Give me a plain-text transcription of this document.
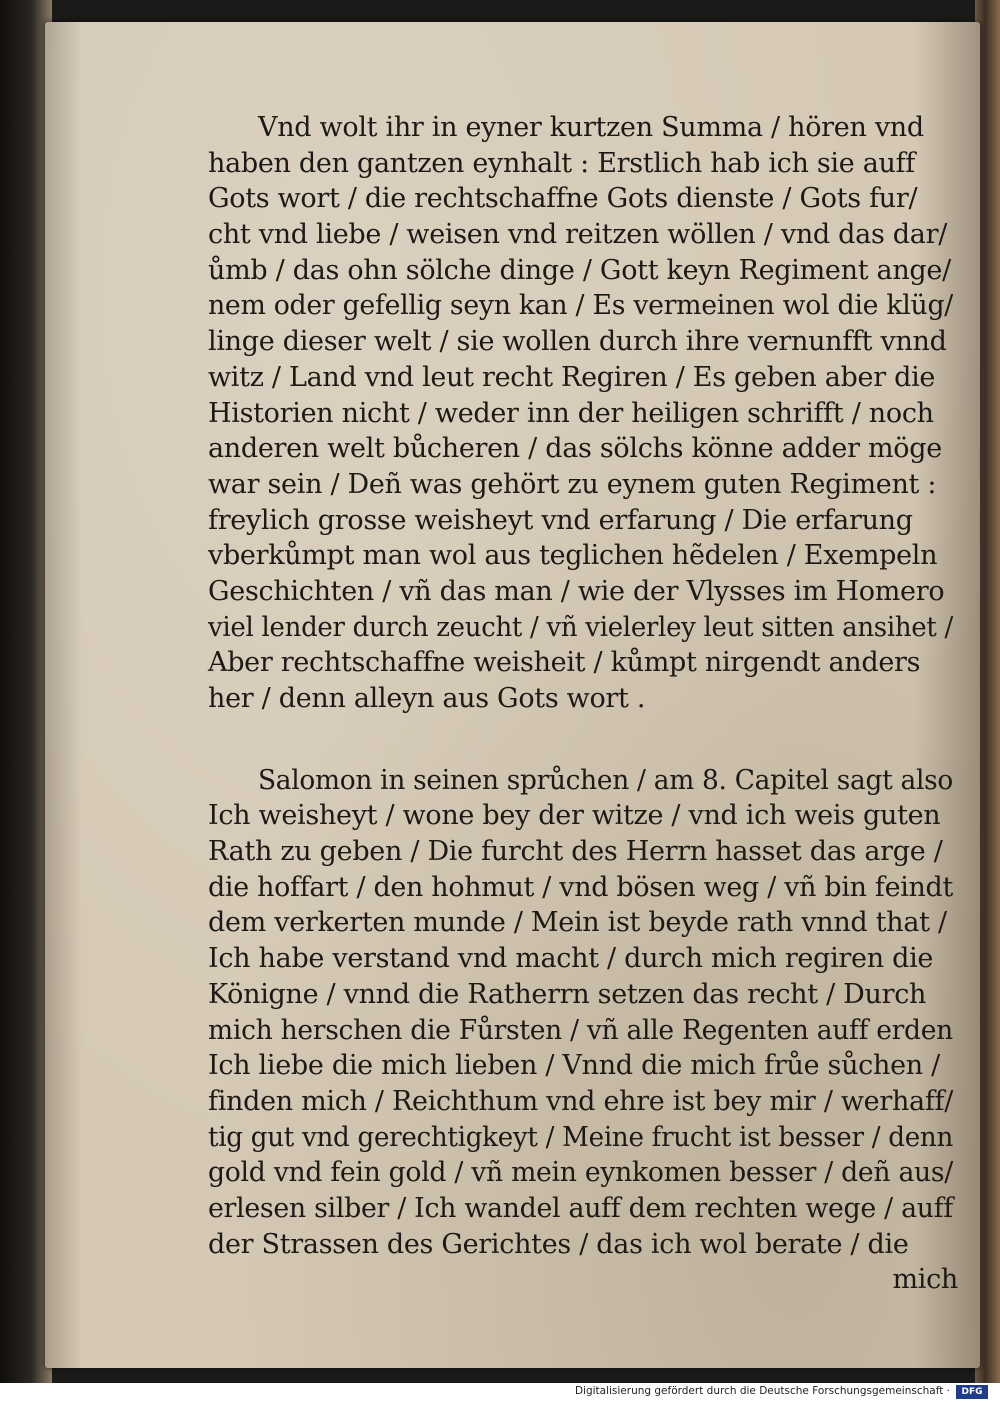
Vnd wolt ihr in eyner kurtzen Summa / hören vnd
haben den gantzen eynhalt : Erstlich hab ich sie auff
Gots wort / die rechtschaffne Gots dienste / Gots fur/
cht vnd liebe / weisen vnd reitzen wöllen / vnd das dar/
ůmb / das ohn sölche dinge / Gott keyn Regiment ange/
nem oder gefellig seyn kan / Es vermeinen wol die klüg/
linge dieser welt / sie wollen durch ihre vernunfft vnnd
witz / Land vnd leut recht Regiren / Es geben aber die
Historien nicht / weder inn der heiligen schrifft / noch
anderen welt bůcheren / das sölchs könne adder möge
war sein / Deñ was gehört zu eynem guten Regiment :
freylich grosse weisheyt vnd erfarung / Die erfarung
vberkůmpt man wol aus teglichen hẽdelen / Exempeln
Geschichten / vñ das man / wie der Vlysses im Homero
viel lender durch zeucht / vñ vielerley leut sitten ansihet /
Aber rechtschaffne weisheit / kůmpt nirgendt anders
her / denn alleyn aus Gots wort .
Salomon in seinen sprůchen / am 8. Capitel sagt also
Ich weisheyt / wone bey der witze / vnd ich weis guten
Rath zu geben / Die furcht des Herrn hasset das arge /
die hoffart / den hohmut / vnd bösen weg / vñ bin feindt
dem verkerten munde / Mein ist beyde rath vnnd that /
Ich habe verstand vnd macht / durch mich regiren die
Königne / vnnd die Ratherrn setzen das recht / Durch
mich herschen die Fůrsten / vñ alle Regenten auff erden
Ich liebe die mich lieben / Vnnd die mich frůe sůchen /
finden mich / Reichthum vnd ehre ist bey mir / werhaff/
tig gut vnd gerechtigkeyt / Meine frucht ist besser / denn
gold vnd fein gold / vñ mein eynkomen besser / deñ aus/
erlesen silber / Ich wandel auff dem rechten wege / auff
der Strassen des Gerichtes / das ich wol berate / die
mich
Digitalisierung gefördert durch die Deutsche Forschungsgemeinschaft ·	DFG
